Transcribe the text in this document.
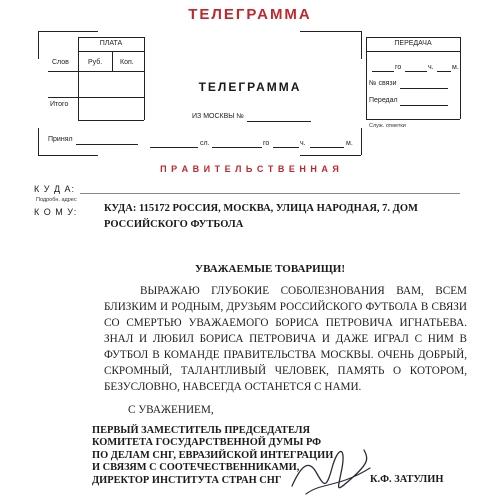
ТЕЛЕГРАММА
ПЛАТА
Слов	Руб.	Коп.
Итого
Принял
ТЕЛЕГРАММА
ИЗ МОСКВЫ №
сл.	го	ч.	м.
ПЕРЕДАЧА
го	ч.	м.
№ связи
Передал
Служ. отметки
П Р А В И Т Е Л Ь С Т В Е Н Н А Я
К У Д А:
Подробн. адрес
К О М У:	КУДА: 115172 РОССИЯ, МОСКВА, УЛИЦА НАРОДНАЯ, 7. ДОМ
РОССИЙСКОГО ФУТБОЛА
УВАЖАЕМЫЕ ТОВАРИЩИ!
ВЫРАЖАЮ ГЛУБОКИЕ СОБОЛЕЗНОВАНИЯ ВАМ, ВСЕМ БЛИЗКИМ И РОДНЫМ, ДРУЗЬЯМ РОССИЙСКОГО ФУТБОЛА В СВЯЗИ СО СМЕРТЬЮ УВАЖАЕМОГО БОРИСА ПЕТРОВИЧА ИГНАТЬЕВА. ЗНАЛ И ЛЮБИЛ БОРИСА ПЕТРОВИЧА И ДАЖЕ ИГРАЛ С НИМ В ФУТБОЛ В КОМАНДЕ ПРАВИТЕЛЬСТВА МОСКВЫ. ОЧЕНЬ ДОБРЫЙ, СКРОМНЫЙ, ТАЛАНТЛИВЫЙ ЧЕЛОВЕК, ПАМЯТЬ О КОТОРОМ, БЕЗУСЛОВНО, НАВСЕГДА ОСТАНЕТСЯ С НАМИ.
С УВАЖЕНИЕМ,
ПЕРВЫЙ ЗАМЕСТИТЕЛЬ ПРЕДСЕДАТЕЛЯ
КОМИТЕТА ГОСУДАРСТВЕННОЙ ДУМЫ РФ
ПО ДЕЛАМ СНГ, ЕВРАЗИЙСКОЙ ИНТЕГРАЦИИ
И СВЯЗЯМ С СООТЕЧЕСТВЕННИКАМИ,
ДИРЕКТОР ИНСТИТУТА СТРАН СНГ	К.Ф. ЗАТУЛИН
